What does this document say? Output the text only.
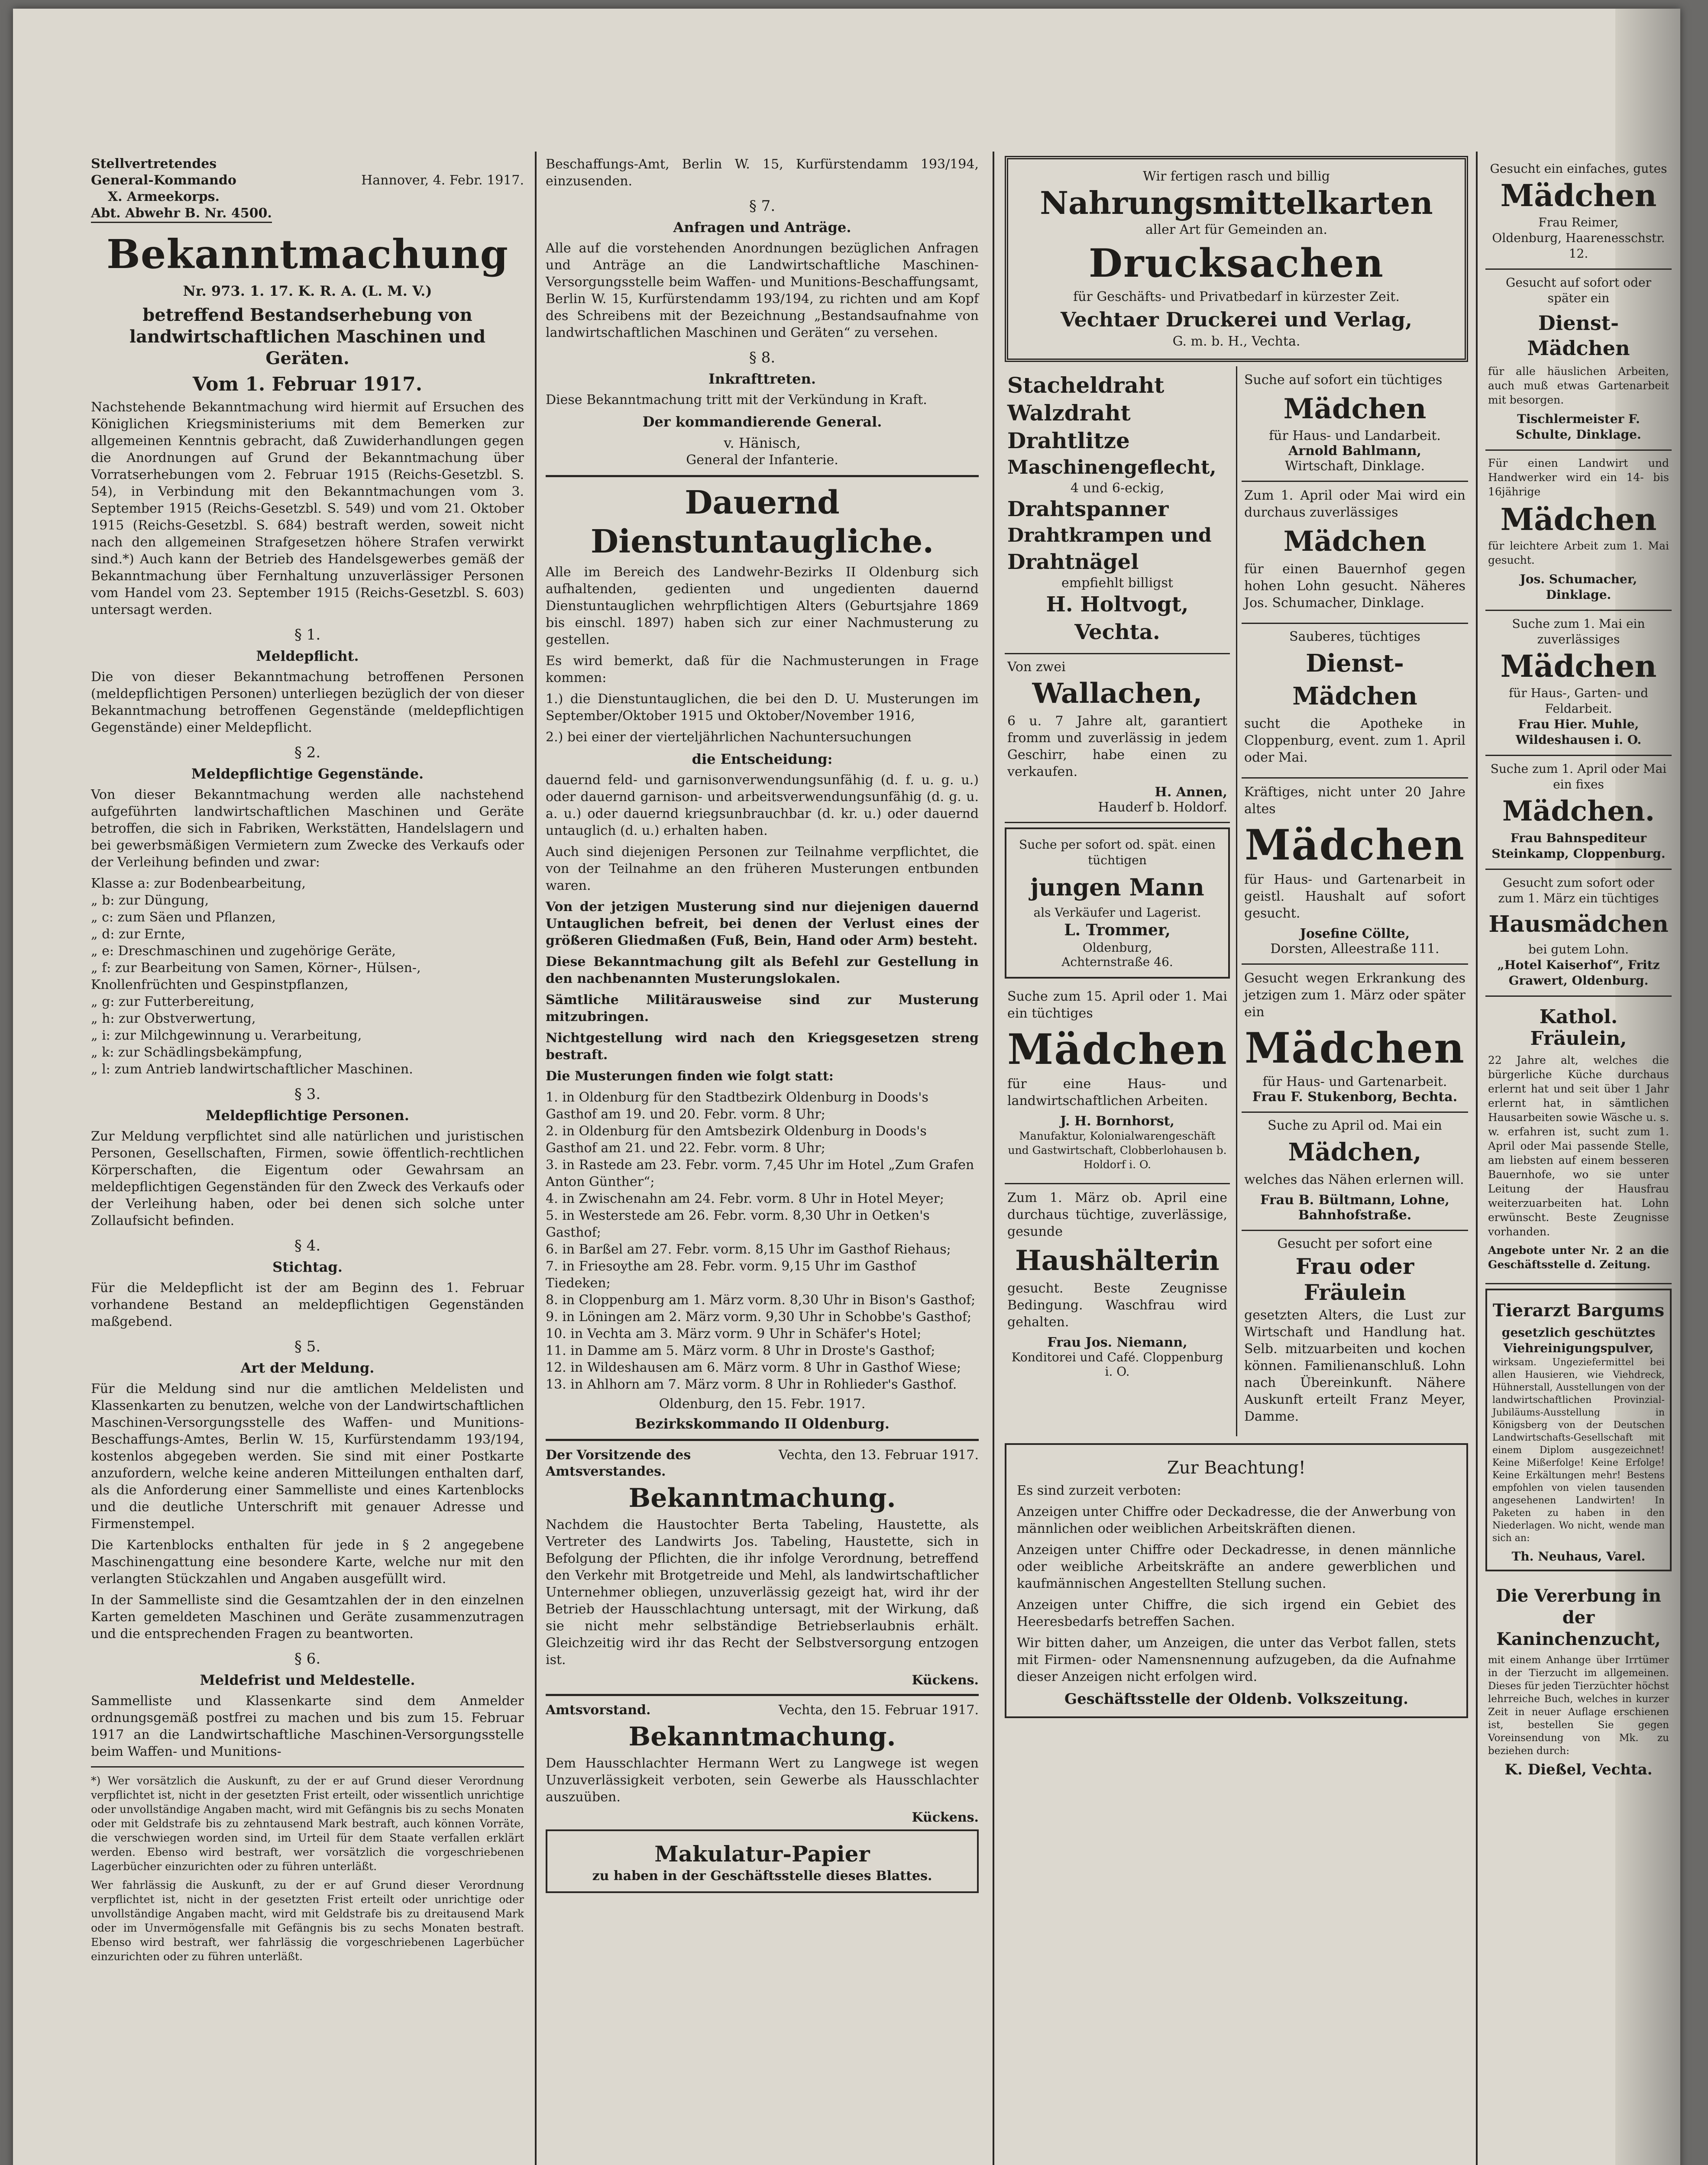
Stellvertretendes
General-Kommando
X. Armeekorps.
Hannover, 4. Febr. 1917.
Abt. Abwehr B. Nr. 4500.
Bekanntmachung
Nr. 973. 1. 17. K. R. A. (L. M. V.)
betreffend Bestandserhebung von landwirtschaftlichen Maschinen und Geräten.
Vom 1. Februar 1917.

Nachstehende Bekanntmachung wird hiermit auf Ersuchen des Königlichen Kriegsministeriums mit dem Bemerken zur allgemeinen Kenntnis gebracht, daß Zuwiderhandlungen gegen die Anordnungen auf Grund der Bekanntmachung über Vorratserhebungen vom 2. Februar 1915 (Reichs-Gesetzbl. S. 54), in Verbindung mit den Bekanntmachungen vom 3. September 1915 (Reichs-Gesetzbl. S. 549) und vom 21. Oktober 1915 (Reichs-Gesetzbl. S. 684) bestraft werden, soweit nicht nach den allgemeinen Strafgesetzen höhere Strafen verwirkt sind.*) Auch kann der Betrieb des Handelsgewerbes gemäß der Bekanntmachung über Fernhaltung unzuverlässiger Personen vom Handel vom 23. September 1915 (Reichs-Gesetzbl. S. 603) untersagt werden.

§ 1.
Meldepflicht.

Die von dieser Bekanntmachung betroffenen Personen (meldepflichtigen Personen) unterliegen bezüglich der von dieser Bekanntmachung betroffenen Gegenstände (meldepflichtigen Gegenstände) einer Meldepflicht.

§ 2.
Meldepflichtige Gegenstände.

Von dieser Bekanntmachung werden alle nachstehend aufgeführten landwirtschaftlichen Maschinen und Geräte betroffen, die sich in Fabriken, Werkstätten, Handelslagern und bei gewerbsmäßigen Vermietern zum Zwecke des Verkaufs oder der Verleihung befinden und zwar:

Klasse a: zur Bodenbearbeitung,
„ b: zur Düngung,
„ c: zum Säen und Pflanzen,
„ d: zur Ernte,
„ e: Dreschmaschinen und zugehörige Geräte,
„ f: zur Bearbeitung von Samen, Körner-, Hülsen-, Knollenfrüchten und Gespinstpflanzen,
„ g: zur Futterbereitung,
„ h: zur Obstverwertung,
„ i: zur Milchgewinnung u. Verarbeitung,
„ k: zur Schädlingsbekämpfung,
„ l: zum Antrieb landwirtschaftlicher Maschinen.
§ 3.
Meldepflichtige Personen.

Zur Meldung verpflichtet sind alle natürlichen und juristischen Personen, Gesellschaften, Firmen, sowie öffentlich-rechtlichen Körperschaften, die Eigentum oder Gewahrsam an meldepflichtigen Gegenständen für den Zweck des Verkaufs oder der Verleihung haben, oder bei denen sich solche unter Zollaufsicht befinden.

§ 4.
Stichtag.

Für die Meldepflicht ist der am Beginn des 1. Februar vorhandene Bestand an meldepflichtigen Gegenständen maßgebend.

§ 5.
Art der Meldung.

Für die Meldung sind nur die amtlichen Meldelisten und Klassenkarten zu benutzen, welche von der Landwirtschaftlichen Maschinen-Versorgungsstelle des Waffen- und Munitions-Beschaffungs-Amtes, Berlin W. 15, Kurfürstendamm 193/194, kostenlos abgegeben werden. Sie sind mit einer Postkarte anzufordern, welche keine anderen Mitteilungen enthalten darf, als die Anforderung einer Sammelliste und eines Kartenblocks und die deutliche Unterschrift mit genauer Adresse und Firmenstempel.

Die Kartenblocks enthalten für jede in § 2 angegebene Maschinengattung eine besondere Karte, welche nur mit den verlangten Stückzahlen und Angaben ausgefüllt wird.

In der Sammelliste sind die Gesamtzahlen der in den einzelnen Karten gemeldeten Maschinen und Geräte zusammenzutragen und die entsprechenden Fragen zu beantworten.

§ 6.
Meldefrist und Meldestelle.

Sammelliste und Klassenkarte sind dem Anmelder ordnungsgemäß postfrei zu machen und bis zum 15. Februar 1917 an die Landwirtschaftliche Maschinen-Versorgungsstelle beim Waffen- und Munitions-

*) Wer vorsätzlich die Auskunft, zu der er auf Grund dieser Verordnung verpflichtet ist, nicht in der gesetzten Frist erteilt, oder wissentlich unrichtige oder unvollständige Angaben macht, wird mit Gefängnis bis zu sechs Monaten oder mit Geldstrafe bis zu zehntausend Mark bestraft, auch können Vorräte, die verschwiegen worden sind, im Urteil für dem Staate verfallen erklärt werden. Ebenso wird bestraft, wer vorsätzlich die vorgeschriebenen Lagerbücher einzurichten oder zu führen unterläßt.

Wer fahrlässig die Auskunft, zu der er auf Grund dieser Verordnung verpflichtet ist, nicht in der gesetzten Frist erteilt oder unrichtige oder unvollständige Angaben macht, wird mit Geldstrafe bis zu dreitausend Mark oder im Unvermögensfalle mit Gefängnis bis zu sechs Monaten bestraft. Ebenso wird bestraft, wer fahrlässig die vorgeschriebenen Lagerbücher einzurichten oder zu führen unterläßt.

Beschaffungs-Amt, Berlin W. 15, Kurfürstendamm 193/194, einzusenden.

§ 7.
Anfragen und Anträge.

Alle auf die vorstehenden Anordnungen bezüglichen Anfragen und Anträge an die Landwirtschaftliche Maschinen-Versorgungsstelle beim Waffen- und Munitions-Beschaffungsamt, Berlin W. 15, Kurfürstendamm 193/194, zu richten und am Kopf des Schreibens mit der Bezeichnung „Bestandsaufnahme von landwirtschaftlichen Maschinen und Geräten“ zu versehen.

§ 8.
Inkrafttreten.

Diese Bekanntmachung tritt mit der Verkündung in Kraft.

Der kommandierende General.
v. Hänisch,
General der Infanterie.
Dauernd Dienstuntaugliche.

Alle im Bereich des Landwehr-Bezirks II Oldenburg sich aufhaltenden, gedienten und ungedienten dauernd Dienstuntauglichen wehrpflichtigen Alters (Geburtsjahre 1869 bis einschl. 1897) haben sich zur einer Nachmusterung zu gestellen.

Es wird bemerkt, daß für die Nachmusterungen in Frage kommen:

1.) die Dienstuntauglichen, die bei den D. U. Musterungen im September/Oktober 1915 und Oktober/November 1916,

2.) bei einer der vierteljährlichen Nachuntersuchungen

die Entscheidung:

dauernd feld- und garnisonverwendungsunfähig (d. f. u. g. u.) oder dauernd garnison- und arbeitsverwendungsunfähig (d. g. u. a. u.) oder dauernd kriegsunbrauchbar (d. kr. u.) oder dauernd untauglich (d. u.) erhalten haben.

Auch sind diejenigen Personen zur Teilnahme verpflichtet, die von der Teilnahme an den früheren Musterungen entbunden waren.

Von der jetzigen Musterung sind nur diejenigen dauernd Untauglichen befreit, bei denen der Verlust eines der größeren Gliedmaßen (Fuß, Bein, Hand oder Arm) besteht.

Diese Bekanntmachung gilt als Befehl zur Gestellung in den nachbenannten Musterungslokalen.

Sämtliche Militärausweise sind zur Musterung mitzubringen.

Nichtgestellung wird nach den Kriegsgesetzen streng bestraft.

Die Musterungen finden wie folgt statt:

1. in Oldenburg für den Stadtbezirk Oldenburg in Doods's Gasthof am 19. und 20. Febr. vorm. 8 Uhr;
2. in Oldenburg für den Amtsbezirk Oldenburg in Doods's Gasthof am 21. und 22. Febr. vorm. 8 Uhr;
3. in Rastede am 23. Febr. vorm. 7,45 Uhr im Hotel „Zum Grafen Anton Günther“;
4. in Zwischenahn am 24. Febr. vorm. 8 Uhr in Hotel Meyer;
5. in Westerstede am 26. Febr. vorm. 8,30 Uhr in Oetken's Gasthof;
6. in Barßel am 27. Febr. vorm. 8,15 Uhr im Gasthof Riehaus;
7. in Friesoythe am 28. Febr. vorm. 9,15 Uhr im Gasthof Tiedeken;
8. in Cloppenburg am 1. März vorm. 8,30 Uhr in Bison's Gasthof;
9. in Löningen am 2. März vorm. 9,30 Uhr in Schobbe's Gasthof;
10. in Vechta am 3. März vorm. 9 Uhr in Schäfer's Hotel;
11. in Damme am 5. März vorm. 8 Uhr in Droste's Gasthof;
12. in Wildeshausen am 6. März vorm. 8 Uhr in Gasthof Wiese;
13. in Ahlhorn am 7. März vorm. 8 Uhr in Rohlieder's Gasthof.
Oldenburg, den 15. Febr. 1917.
Bezirkskommando II Oldenburg.
Der Vorsitzende des Amtsverstandes.
Vechta, den 13. Februar 1917.
Bekanntmachung.

Nachdem die Haustochter Berta Tabeling, Haustette, als Vertreter des Landwirts Jos. Tabeling, Haustette, sich in Befolgung der Pflichten, die ihr infolge Verordnung, betreffend den Verkehr mit Brotgetreide und Mehl, als landwirtschaftlicher Unternehmer obliegen, unzuverlässig gezeigt hat, wird ihr der Betrieb der Hausschlachtung untersagt, mit der Wirkung, daß sie nicht mehr selbständige Betriebserlaubnis erhält. Gleichzeitig wird ihr das Recht der Selbstversorgung entzogen ist.

Kückens.
Amtsvorstand.	Vechta, den 15. Februar 1917.
Bekanntmachung.

Dem Hausschlachter Hermann Wert zu Langwege ist wegen Unzuverlässigkeit verboten, sein Gewerbe als Hausschlachter auszuüben.

Kückens.
Makulatur-Papier
zu haben in der Geschäftsstelle dieses Blattes.
Wir fertigen rasch und billig
Nahrungsmittelkarten
aller Art für Gemeinden an.
Drucksachen
für Geschäfts- und Privatbedarf in kürzester Zeit.
Vechtaer Druckerei und Verlag,
G. m. b. H., Vechta.
Stacheldraht
Walzdraht
Drahtlitze
Maschinengeflecht,
4 und 6-eckig,
Drahtspanner
Drahtkrampen und
Drahtnägel
empfiehlt billigst
H. Holtvogt, Vechta.
Von zwei
Wallachen,

6 u. 7 Jahre alt, garantiert fromm und zuverlässig in jedem Geschirr, habe einen zu verkaufen.

H. Annen,
Hauderf b. Holdorf.
Suche per sofort od. spät. einen tüchtigen
jungen Mann
als Verkäufer und Lagerist.
L. Trommer,
Oldenburg,
Achternstraße 46.

Suche zum 15. April oder 1. Mai ein tüchtiges

Mädchen

für eine Haus- und landwirtschaftlichen Arbeiten.

J. H. Bornhorst,

Manufaktur, Kolonialwarengeschäft und Gastwirtschaft, Clobberlohausen b. Holdorf i. O.

Zum 1. März ob. April eine durchaus tüchtige, zuverlässige, gesunde

Haushälterin

gesucht. Beste Zeugnisse Bedingung. Waschfrau wird gehalten.

Frau Jos. Niemann,
Konditorei und Café. Cloppenburg i. O.

Suche auf sofort ein tüchtiges

Mädchen
für Haus- und Landarbeit.
Arnold Bahlmann,
Wirtschaft, Dinklage.

Zum 1. April oder Mai wird ein durchaus zuverlässiges

Mädchen

für einen Bauernhof gegen hohen Lohn gesucht. Näheres Jos. Schumacher, Dinklage.

Sauberes, tüchtiges
Dienst-Mädchen

sucht die Apotheke in Cloppenburg, event. zum 1. April oder Mai.

Kräftiges, nicht unter 20 Jahre altes

Mädchen

für Haus- und Gartenarbeit in geistl. Haushalt auf sofort gesucht.

Josefine Cöllte,
Dorsten, Alleestraße 111.

Gesucht wegen Erkrankung des jetzigen zum 1. März oder später ein

Mädchen
für Haus- und Gartenarbeit.
Frau F. Stukenborg, Bechta.
Suche zu April od. Mai ein
Mädchen,

welches das Nähen erlernen will.

Frau B. Bültmann, Lohne, Bahnhofstraße.
Gesucht per sofort eine
Frau oder
Fräulein

gesetzten Alters, die Lust zur Wirtschaft und Handlung hat. Selb. mitzuarbeiten und kochen können. Familienanschluß. Lohn nach Übereinkunft. Nähere Auskunft erteilt Franz Meyer, Damme.

Zur Beachtung!

Es sind zurzeit verboten:

Anzeigen unter Chiffre oder Deckadresse, die der Anwerbung von männlichen oder weiblichen Arbeitskräften dienen.

Anzeigen unter Chiffre oder Deckadresse, in denen männliche oder weibliche Arbeitskräfte an andere gewerblichen und kaufmännischen Angestellten Stellung suchen.

Anzeigen unter Chiffre, die sich irgend ein Gebiet des Heeresbedarfs betreffen Sachen.

Wir bitten daher, um Anzeigen, die unter das Verbot fallen, stets mit Firmen- oder Namensnennung aufzugeben, da die Aufnahme dieser Anzeigen nicht erfolgen wird.

Geschäftsstelle der Oldenb. Volkszeitung.
Gesucht ein einfaches, gutes
Mädchen
Frau Reimer,
Oldenburg, Haarenesschstr. 12.
Gesucht auf sofort oder später ein
Dienst-Mädchen

für alle häuslichen Arbeiten, auch muß etwas Gartenarbeit mit besorgen.

Tischlermeister F. Schulte, Dinklage.

Für einen Landwirt und Handwerker wird ein 14- bis 16jährige

Mädchen

für leichtere Arbeit zum 1. Mai gesucht.

Jos. Schumacher, Dinklage.
Suche zum 1. Mai ein zuverlässiges
Mädchen
für Haus-, Garten- und Feldarbeit.
Frau Hier. Muhle, Wildeshausen i. O.
Suche zum 1. April oder Mai ein fixes
Mädchen.
Frau Bahnspediteur Steinkamp, Cloppenburg.
Gesucht zum sofort oder zum 1. März ein tüchtiges
Hausmädchen
bei gutem Lohn.
„Hotel Kaiserhof“, Fritz Grawert, Oldenburg.
Kathol. Fräulein,

22 Jahre alt, welches die bürgerliche Küche durchaus erlernt hat und seit über 1 Jahr erlernt hat, in sämtlichen Hausarbeiten sowie Wäsche u. s. w. erfahren ist, sucht zum 1. April oder Mai passende Stelle, am liebsten auf einem besseren Bauernhofe, wo sie unter Leitung der Hausfrau weiterzuarbeiten hat. Lohn erwünscht. Beste Zeugnisse vorhanden.

Angebote unter Nr. 2 an die Geschäftsstelle d. Zeitung.

Tierarzt Bargums
gesetzlich geschütztes Viehreinigungspulver,

wirksam. Ungeziefermittel bei allen Hausieren, wie Viehdreck, Hühnerstall, Ausstellungen von der landwirtschaftlichen Provinzial-Jubiläums-Ausstellung in Königsberg von der Deutschen Landwirtschafts-Gesellschaft mit einem Diplom ausgezeichnet! Keine Mißerfolge! Keine Erfolge! Keine Erkältungen mehr! Bestens empfohlen von vielen tausenden angesehenen Landwirten! In Paketen zu haben in den Niederlagen. Wo nicht, wende man sich an:

Th. Neuhaus, Varel.
Die Vererbung in der Kaninchenzucht,

mit einem Anhange über Irrtümer in der Tierzucht im allgemeinen. Dieses für jeden Tierzüchter höchst lehrreiche Buch, welches in kurzer Zeit in neuer Auflage erschienen ist, bestellen Sie gegen Voreinsendung von Mk. zu beziehen durch:

K. Dießel, Vechta.
